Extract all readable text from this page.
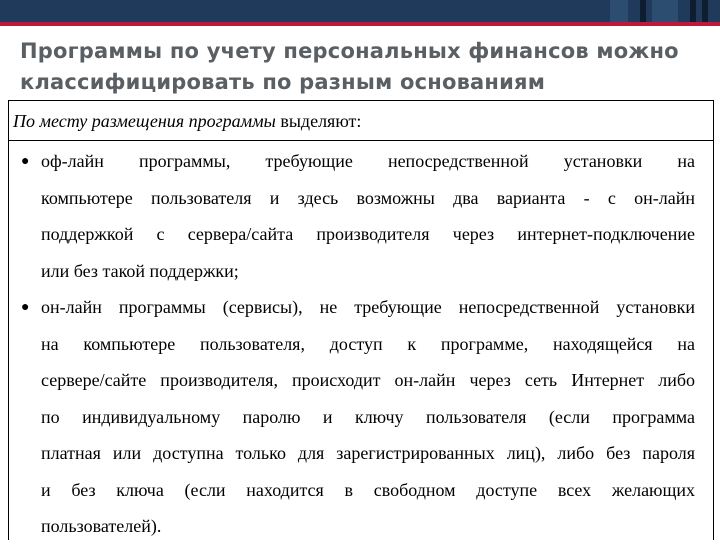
Программы по учету персональных финансов можно
классифицировать по разным основаниям
По месту размещения программы выделяют:
● оф-лайн программы, требующие непосредственной установки на
компьютере пользователя и здесь возможны два варианта - с он-лайн
поддержкой с сервера/сайта производителя через интернет-подключение
или без такой поддержки;
● он-лайн программы (сервисы), не требующие непосредственной установки
на компьютере пользователя, доступ к программе, находящейся на
сервере/сайте производителя, происходит он-лайн через сеть Интернет либо
по индивидуальному паролю и ключу пользователя (если программа
платная или доступна только для зарегистрированных лиц), либо без пароля
и без ключа (если находится в свободном доступе всех желающих
пользователей).
